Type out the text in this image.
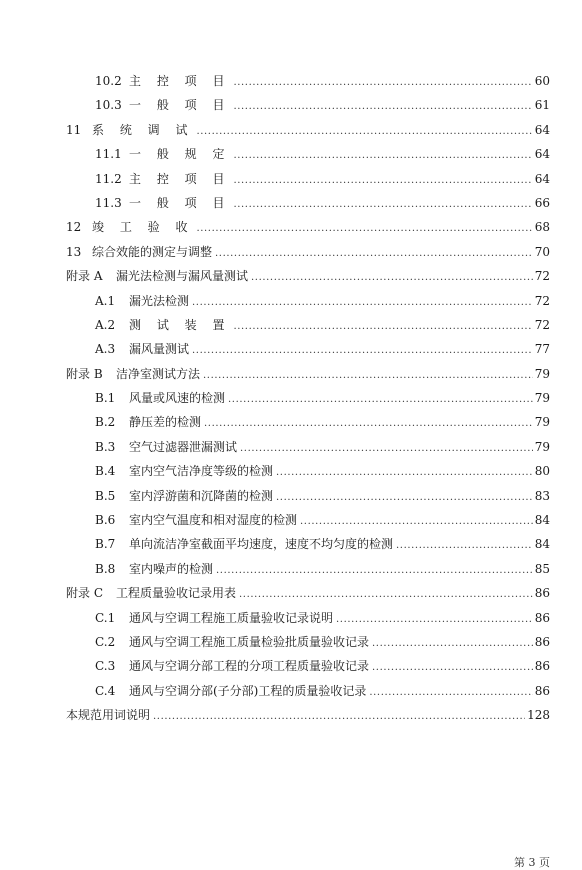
10.2 主 控 项 目 .....	60
10.3 一 般 项 目 .....	61
11 系 统 调 试 .....	64
11.1 一 般 规 定 .....	64
11.2 主 控 项 目 .....	64
11.3 一 般 项 目 .....	66
12 竣 工 验 收 .....	68
13 综合效能的测定与调整 .....	70
附录 A	漏光法检测与漏风量测试 .....	72
A.1	漏光法检测 .....	72
A.2	测 试 装 置 .....	72
A.3	漏风量测试 .....	77
附录 B	洁净室测试方法 .....	79
B.1	风量或风速的检测 .....	79
B.2	静压差的检测 .....	79
B.3	空气过滤器泄漏测试 .....	79
B.4	室内空气洁净度等级的检测 .....	80
B.5	室内浮游菌和沉降菌的检测 .....	83
B.6	室内空气温度和相对湿度的检测 .....	84
B.7	单向流洁净室截面平均速度，速度不均匀度的检测 .....	84
B.8	室内噪声的检测 .....	85
附录 C	工程质量验收记录用表 .....	86
C.1	通风与空调工程施工质量验收记录说明 .....	86
C.2	通风与空调工程施工质量检验批质量验收记录 .....	86
C.3	通风与空调分部工程的分项工程质量验收记录 .....	86
C.4	通风与空调分部(子分部)工程的质量验收记录 .....	86
本规范用词说明 .....	128
第 3 页
